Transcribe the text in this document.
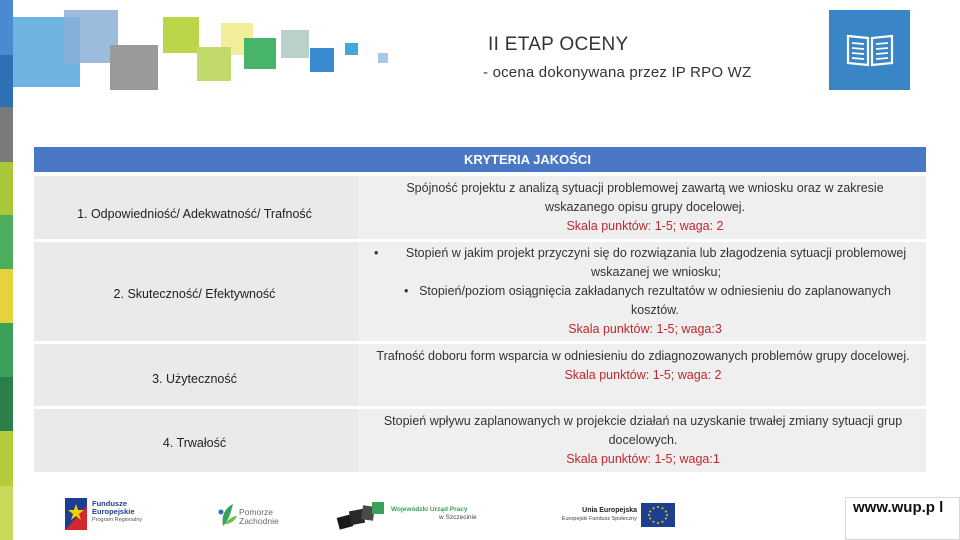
II ETAP OCENY
- ocena dokonywana przez IP RPO WZ
KRYTERIA JAKOŚCI
1. Odpowiedniość/ Adekwatność/ Trafność
Spójność projektu z analizą sytuacji problemowej zawartą we wniosku oraz w zakresie wskazanego opisu grupy docelowej.
Skala punktów: 1-5; waga: 2
2. Skuteczność/ Efektywność
• Stopień w jakim projekt przyczyni się do rozwiązania lub złagodzenia sytuacji problemowej wskazanej we wniosku;
• Stopień/poziom osiągnięcia zakładanych rezultatów w odniesieniu do zaplanowanych kosztów.
Skala punktów: 1-5; waga:3
3. Użyteczność
Trafność doboru form wsparcia w odniesieniu do zdiagnozowanych problemów grupy docelowej.
Skala punktów: 1-5; waga: 2
4. Trwałość
Stopień wpływu zaplanowanych w projekcie działań na uzyskanie trwałej zmiany sytuacji grup docelowych.
Skala punktów: 1-5; waga:1
Fundusze
Europejskie
Program Regionalny
Pomorze
Zachodnie
Wojewódzki Urząd Pracy
w Szczecinie
Unia Europejska
Europejski Fundusz Społeczny
www.wup.p l
